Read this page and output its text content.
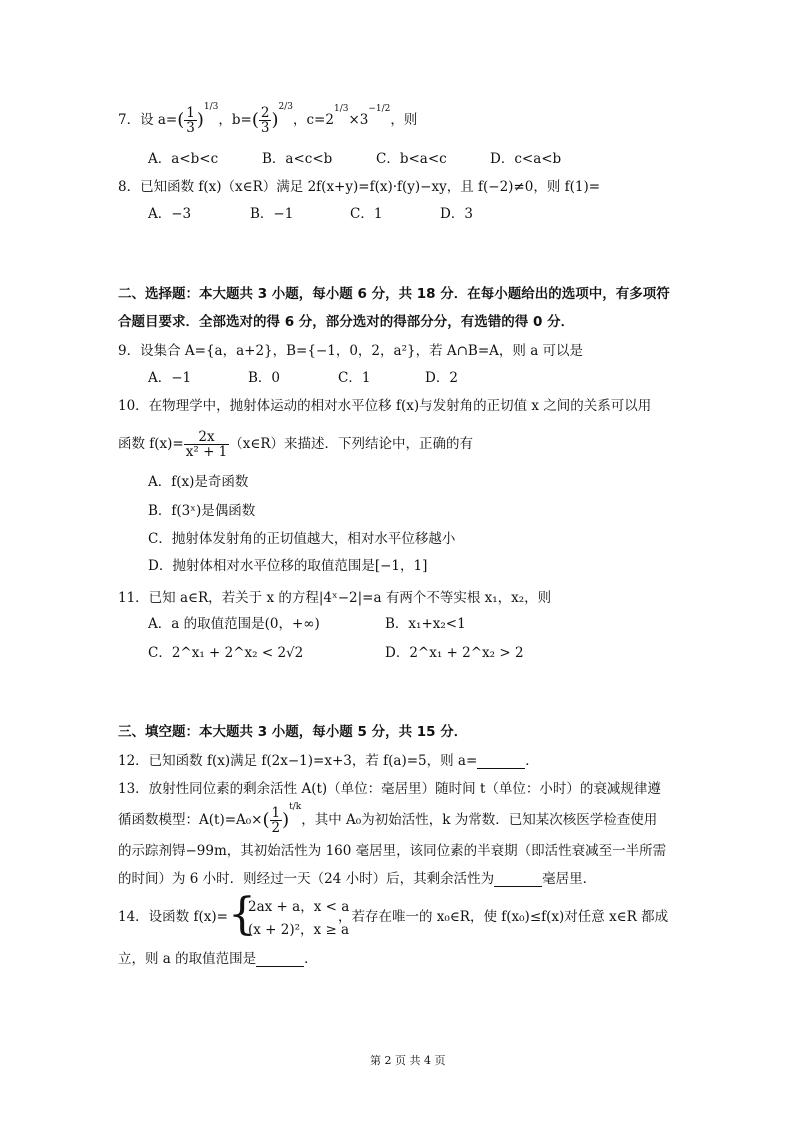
7．设 $a=( \frac{1}{3} )^{1/3}$，$b=( \frac{2}{3} )^{2/3}$，$c=2^{1/3}\times 3^{-1/2}$，则
A．a<b<c	B．a<c<b	C．b<a<c	D．c<a<b
8．已知函数 f(x)（x∈R）满足 2f(x+y)=f(x)·f(y)−xy，且 f(−2)≠0，则 f(1)=
A．−3	B．−1	C．1	D．3
二、选择题：本大题共 3 小题，每小题 6 分，共 18 分．在每小题给出的选项中，有多项符
合题目要求．全部选对的得 6 分，部分选对的得部分分，有选错的得 0 分．
9．设集合 A={a，a+2}，B={−1，0，2，a²}，若 A∩B=A，则 a 可以是
A．−1	B．0	C．1	D．2
10．在物理学中，抛射体运动的相对水平位移 f(x)与发射角的正切值 x 之间的关系可以用
函数 $f(x)= \frac{2x}{\text{x² + 1}}$ （x∈R）来描述．下列结论中，正确的有
A．f(x)是奇函数
B．f(3ˣ)是偶函数
C．抛射体发射角的正切值越大，相对水平位移越小
D．抛射体相对水平位移的取值范围是[−1，1]
11．已知 a∈R，若关于 x 的方程|4ˣ−2|=a 有两个不等实根 x₁，x₂，则
A．a 的取值范围是(0，+∞)	B．x₁+x₂<1
C．2^x₁ + 2^x₂ < 2√2	D．2^x₁ + 2^x₂ > 2
三、填空题：本大题共 3 小题，每小题 5 分，共 15 分．
12．已知函数 f(x)满足 f(2x−1)=x+3，若 f(a)=5，则 a=	．
13．放射性同位素的剩余活性 A(t)（单位：毫居里）随时间 t（单位：小时）的衰减规律遵
循函数模型：$A(t)=A_0\times( \frac{1}{2} )^{t/k}$，其中 A₀为初始活性，k 为常数．已知某次核医学检查使用
的示踪剂锝−99m，其初始活性为 160 毫居里，该同位素的半衰期（即活性衰减至一半所需
的时间）为 6 小时．则经过一天（24 小时）后，其剩余活性为	毫居里．
14．设函数 f(x)= {
2ax + a，x < a
(x + 2)²，x ≥ a
，若存在唯一的 x₀∈R，使 f(x₀)≤f(x)对任意 x∈R 都成
立，则 a 的取值范围是	．
第 2 页 共 4 页
